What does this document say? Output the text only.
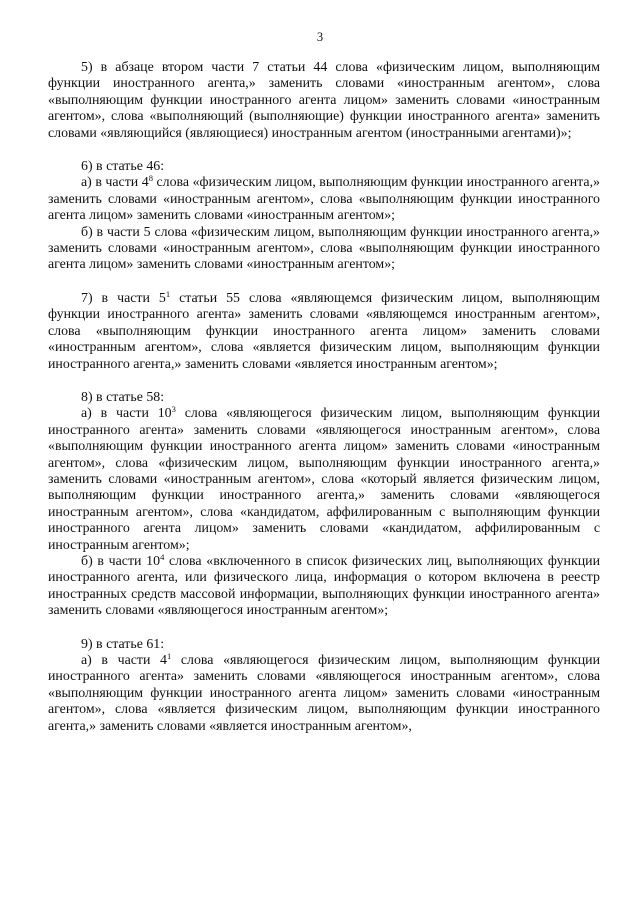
3

5) в абзаце втором части 7 статьи 44 слова «физическим лицом, выполняющим функции иностранного агента,» заменить словами «иностранным агентом», слова «выполняющим функции иностранного агента лицом» заменить словами «иностранным агентом», слова «выполняющий (выполняющие) функции иностранного агента» заменить словами «являющийся (являющиеся) иностранным агентом (иностранными агентами)»;

6) в статье 46:

а) в части $4^8$ слова «физическим лицом, выполняющим функции иностранного агента,» заменить словами «иностранным агентом», слова «выполняющим функции иностранного агента лицом» заменить словами «иностранным агентом»;

б) в части 5 слова «физическим лицом, выполняющим функции иностранного агента,» заменить словами «иностранным агентом», слова «выполняющим функции иностранного агента лицом» заменить словами «иностранным агентом»;

7) в части $5^1$ статьи 55 слова «являющемся физическим лицом, выполняющим функции иностранного агента» заменить словами «являющемся иностранным агентом», слова «выполняющим функции иностранного агента лицом» заменить словами «иностранным агентом», слова «является физическим лицом, выполняющим функции иностранного агента,» заменить словами «является иностранным агентом»;

8) в статье 58:

а) в части $10^3$ слова «являющегося физическим лицом, выполняющим функции иностранного агента» заменить словами «являющегося иностранным агентом», слова «выполняющим функции иностранного агента лицом» заменить словами «иностранным агентом», слова «физическим лицом, выполняющим функции иностранного агента,» заменить словами «иностранным агентом», слова «который является физическим лицом, выполняющим функции иностранного агента,» заменить словами «являющегося иностранным агентом», слова «кандидатом, аффилированным с выполняющим функции иностранного агента лицом» заменить словами «кандидатом, аффилированным с иностранным агентом»;

б) в части $10^4$ слова «включенного в список физических лиц, выполняющих функции иностранного агента, или физического лица, информация о котором включена в реестр иностранных средств массовой информации, выполняющих функции иностранного агента» заменить словами «являющегося иностранным агентом»;

9) в статье 61:

а) в части $4^1$ слова «являющегося физическим лицом, выполняющим функции иностранного агента» заменить словами «являющегося иностранным агентом», слова «выполняющим функции иностранного агента лицом» заменить словами «иностранным агентом», слова «является физическим лицом, выполняющим функции иностранного агента,» заменить словами «является иностранным агентом»,
